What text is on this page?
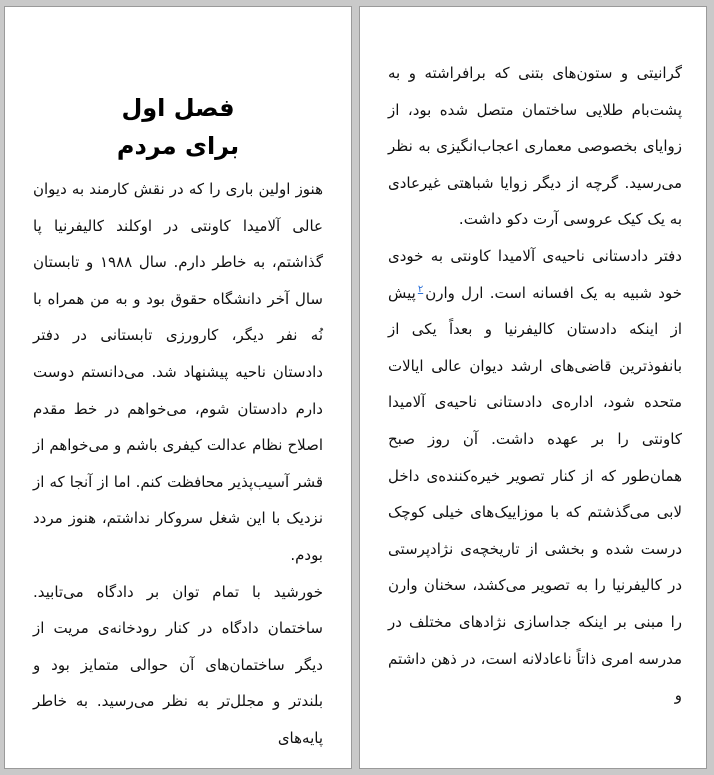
فصل اول
برای مردم

هنوز اولین باری را که در نقش کارمند به دیوان عالی آلامیدا کاونتی در اوکلند کالیفرنیا پا گذاشتم، به خاطر دارم. سال ۱۹۸۸ و تابستان سال آخر دانشگاه حقوق بود و به من همراه با نُه نفر دیگر، کارورزی تابستانی در دفتر دادستان ناحیه پیشنهاد شد. می‌دانستم دوست دارم دادستان شوم، می‌خواهم در خط مقدم اصلاح نظام عدالت کیفری باشم و می‌خواهم از قشر آسیب‌پذیر محافظت کنم. اما از آنجا که از نزدیک با این شغل سروکار نداشتم، هنوز مردد بودم.

خورشید با تمام توان بر دادگاه می‌تابید. ساختمان دادگاه در کنار رودخانه‌ی مریت از دیگر ساختمان‌های آن حوالی متمایز بود و بلندتر و مجلل‌تر به نظر می‌رسید. به خاطر پایه‌های

گرانیتی و ستون‌های بتنی که برافراشته و به پشت‌بام طلایی ساختمان متصل شده بود، از زوایای بخصوصی معماری اعجاب‌انگیزی به نظر می‌رسید. گرچه از دیگر زوایا شباهتی غیرعادی به یک کیک عروسی آرت دکو داشت.

دفتر دادستانی ناحیه‌ی آلامیدا کاونتی به خودی خود شبیه به یک افسانه است. ارل وارن$^۲$پیش از اینکه دادستان کالیفرنیا و بعداً یکی از بانفوذترین قاضی‌های ارشد دیوان عالی ایالات متحده شود، اداره‌ی دادستانی ناحیه‌ی آلامیدا کاونتی را بر عهده داشت. آن روز صبح همان‌طور که از کنار تصویر خیره‌کننده‌ی داخل لابی می‌گذشتم که با موزاییک‌های خیلی کوچک درست شده و بخشی از تاریخچه‌ی نژادپرستی در کالیفرنیا را به تصویر می‌کشد، سخنان وارن را مبنی بر اینکه جداسازی نژادهای مختلف در مدرسه امری ذاتاً ناعادلانه است، در ذهن داشتم و
